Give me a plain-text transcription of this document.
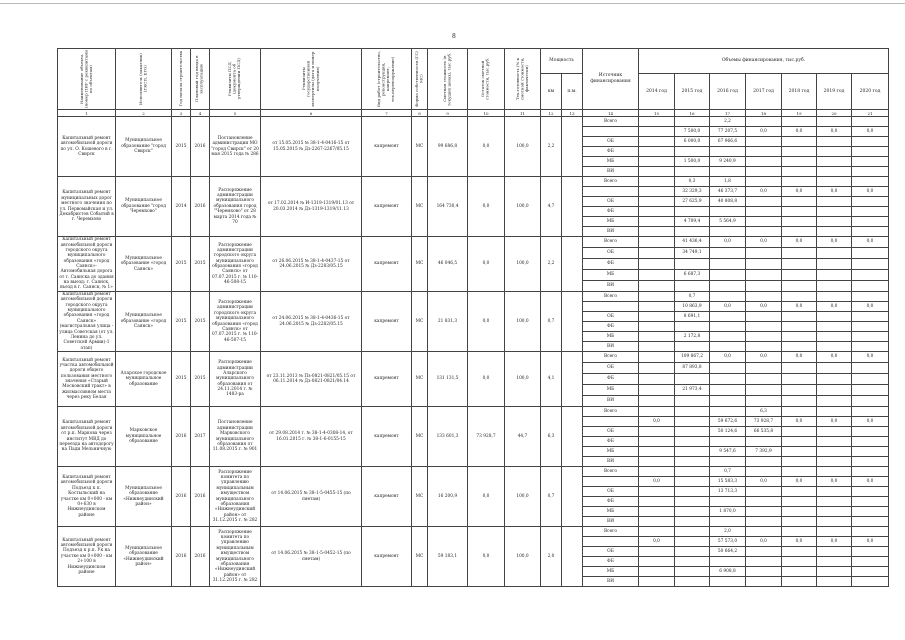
8
Наименование объекта (номер ПИР с реквизитами по объектам)	Исполнитель (заказчик) (ГКСП, ЕГО)	Год начала строительства	Плановый год ввода в эксплуатацию	Реквизиты ПСД (документа об утверждении ПСД)	Реквизиты государственной экспертизы (дата и номер получения)	Вид работ (строительство, реконструкция, капремонт, тех.перевооружение)	Форма собственности (ГС/МС)	Сметная стоимость (в текущих ценах), тыс.руб.	Остаток сметной стоимости, тыс.руб.	Тех.готовность (% к сметной стоимости, фактически)	Мощность		Источник финансирования	Объемы финансирования, тыс.руб.						
											км	п.м.		2014 год	2015 год	2016 год	2017 год	2018 год	2019 год	2020 год
1	2	3	4	5	6	7	8	9	10	11	12	13	14	15	16	17	18	19	20	21
Капитальный ремонт автомобильной дороги по ул. О. Кошевого в г. Свирск	Муниципальное образование "город Свирск"	2015	2016	Постановление администрации МО "город Свирск" от 20 мая 2015 года № 286	от 15.05.2015 № 38-1-4-0416-15 от 15.05.2015 № Дз-2267-2267/05.15	капремонт	МС	99 686,8	0,0	100,0	2,2		Всего			2,2				
															7 500,0	77 207,5	0,0	0,0	0,0	0,0
													ОБ		6 000,0	67 966,6				
													ФБ							
													МБ		1 500,0	9 240,9				
													ВИ							
Капитальный ремонт муниципальных дорог местного значения по ул. Первомайская и ул. Декабристов Событий в г. Черемхово	Муниципальное образование "город Черемхово"	2014	2016	Распоряжение администрации муниципального образования город "Черемхово" от 28 марта 2014 года № 70	от 17.02.2014 № И-1319-1319/01.13 от 20.03.2014 № Дз-1319-1319/11.13	капремонт	МС	164 730,4	0,0	100,0	4,7		Всего		0,3	1,8				
															32 329,3	46 373,7	0,0	0,0	0,0	0,0
													ОБ		27 625,9	40 808,8				
													ФБ							
													МБ		4 709,4	5 564,9				
													ВИ							
Капитальный ремонт автомобильной дороги городского округа муниципального образования «город Саянск»-Автомобильная дорога от г. Саянска до здания на выезд: г. Саянск, въезд в г. Саянск, № 1»	Муниципальное образование «город Саянск»	2015	2015	Распоряжение администрации городского округа муниципального образования «город Саянск» от 07.07.2015 г. № 110-46-508-15	от 26.06.2015 № 38-1-4-0437-15 от 24.06.2015 № Дз-2283/05.15	капремонт	МС	46 046,5	0,0	100,0	2,2		Всего		41 436,4	0,0	0,0	0,0	0,0	0,0
													ОБ		34 749,1					
													ФБ							
													МБ		6 687,3					
													ВИ							
Капитальный ремонт автомобильной дороги городского округа муниципального образования «город Саянск» (магистральная улица - улица Советская (от ул. Ленина до ул. Советской Армии)-1 этап)	Муниципальное образование «город Саянск»	2015	2015	Распоряжение администрации городского округа муниципального образования «город Саянск» от 07.07.2015 г. № 110-46-507-15	от 24.06.2015 № 38-1-4-0436-15 от 24.06.2015 № Дз-2282/05.15	капремонт	МС	21 831,3	0,0	100,0	0,7		Всего		0,7					
															10 863,9	0,0	0,0	0,0	0,0	0,0
													ОБ		8 691,1					
													ФБ							
													МБ		2 172,8					
													ВИ							
Капитальный ремонт участка автомобильной дороги общего пользования местного значения «Старый Московский тракт» в жилмассивном места через реку Белая	Аларское городское муниципальное образование	2015	2015	Распоряжение администрации Аларского муниципального образования от 24.11.2014 г. № 1483-ра	от 23.11.2013 № Пз-0821-0821/05.15 от 06.11.2014 № Дз-0821-0821/04.14	капремонт	МС	131 131,5	0,0	100,0	4,1		Всего		109 867,2	0,0	0,0	0,0	0,0	0,0
													ОБ		87 893,8					
													ФБ							
													МБ		21 973,4					
													ВИ							
Капитальный ремонт автомобильной дороги от р.п. Маркова через институт МВД до переезда на автодорогу на Пади Мельничную	Марковское муниципальное образование	2016	2017	Постановление администрации Марковского муниципального образования от 11.08.2015 г. № 901	от 29.08.2014 г. № 38-1-4-0308-14, от 16.01.2015 г. № 38-1-6-0155-15	капремонт	МС	133 601,3	73 928,7	44,7	6,3		Всего				6,3			
														0,0		59 672,6	73 928,7	0,0	0,0	0,0
													ОБ			50 124,6	66 535,8			
													ФБ							
													МБ			9 547,6	7 392,9			
													ВИ							
Капитальный ремонт автомобильной дороги Подъезд к п. Костыльский на участке км 0+000 - км 0+630 в Нижнеудинском районе	Муниципальное образование «Нижнеудинский район»	2016	2016	Распоряжение комитета по управлению муниципальным имуществом муниципального образования «Нижнеудинский район» от 31.12.2015 г. № 282	от 14.06.2015 № 38-1-5-0455-15 (по сметам)	капремонт	МС	16 200,9	0,0	100,0	0,7		Всего			0,7				
														0,0		15 583,3	0,0	0,0	0,0	0,0
													ОБ			13 713,3				
													ФБ							
													МБ			1 870,0				
													ВИ							
Капитальный ремонт автомобильной дороги Подъезд к р.п. Ук на участке км 0+000 - км 2+100 в Нижнеудинском районе	Муниципальное образование «Нижнеудинский район»	2016	2016	Распоряжение комитета по управлению муниципальным имуществом муниципального образования «Нижнеудинский район» от 31.12.2015 г. № 282	от 14.06.2015 № 38-1-5-0452-15 (по сметам)	капремонт	МС	59 183,1	0,0	100,0	2,0		Всего			2,0				
														0,0		57 573,0	0,0	0,0	0,0	0,0
													ОБ			50 664,2				
													ФБ							
													МБ			6 908,8				
													ВИ							
